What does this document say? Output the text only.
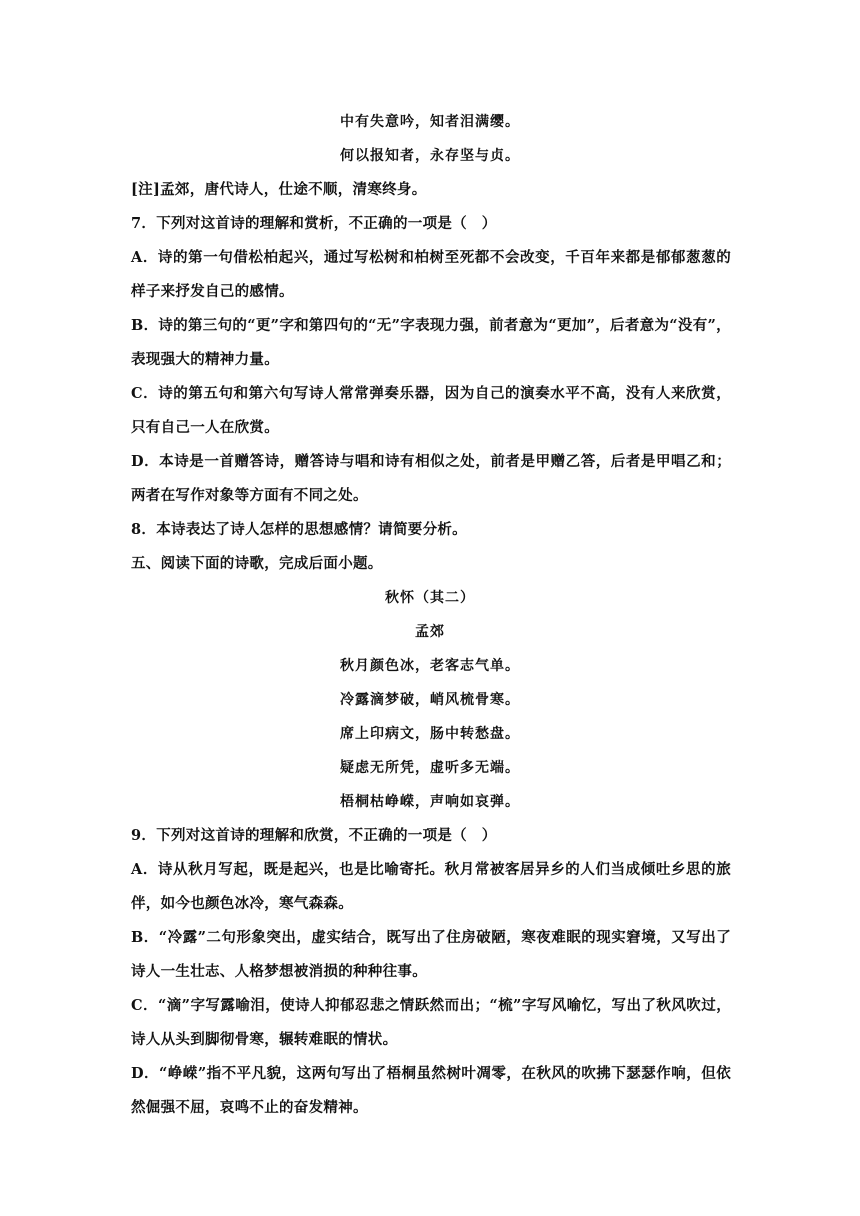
中有失意吟，知者泪满缨。
何以报知者，永存坚与贞。
[注]孟郊，唐代诗人，仕途不顺，清寒终身。
7．下列对这首诗的理解和赏析，不正确的一项是（　）
A．诗的第一句借松柏起兴，通过写松树和柏树至死都不会改变，千百年来都是郁郁葱葱的
样子来抒发自己的感情。
B．诗的第三句的“更”字和第四句的“无”字表现力强，前者意为“更加”，后者意为“没有”，
表现强大的精神力量。
C．诗的第五句和第六句写诗人常常弹奏乐器，因为自己的演奏水平不高，没有人来欣赏，
只有自己一人在欣赏。
D．本诗是一首赠答诗，赠答诗与唱和诗有相似之处，前者是甲赠乙答，后者是甲唱乙和；
两者在写作对象等方面有不同之处。
8．本诗表达了诗人怎样的思想感情？请简要分析。
五、阅读下面的诗歌，完成后面小题。
秋怀（其二）
孟郊
秋月颜色冰，老客志气单。
冷露滴梦破，峭风梳骨寒。
席上印病文，肠中转愁盘。
疑虑无所凭，虚听多无端。
梧桐枯峥嵘，声响如哀弹。
9．下列对这首诗的理解和欣赏，不正确的一项是（　）
A．诗从秋月写起，既是起兴，也是比喻寄托。秋月常被客居异乡的人们当成倾吐乡思的旅
伴，如今也颜色冰冷，寒气森森。
B．“冷露”二句形象突出，虚实结合，既写出了住房破陋，寒夜难眠的现实窘境，又写出了
诗人一生壮志、人格梦想被消损的种种往事。
C．“滴”字写露喻泪，使诗人抑郁忍悲之情跃然而出；“梳”字写风喻忆，写出了秋风吹过，
诗人从头到脚彻骨寒，辗转难眠的情状。
D．“峥嵘”指不平凡貌，这两句写出了梧桐虽然树叶凋零，在秋风的吹拂下瑟瑟作响，但依
然倔强不屈，哀鸣不止的奋发精神。
